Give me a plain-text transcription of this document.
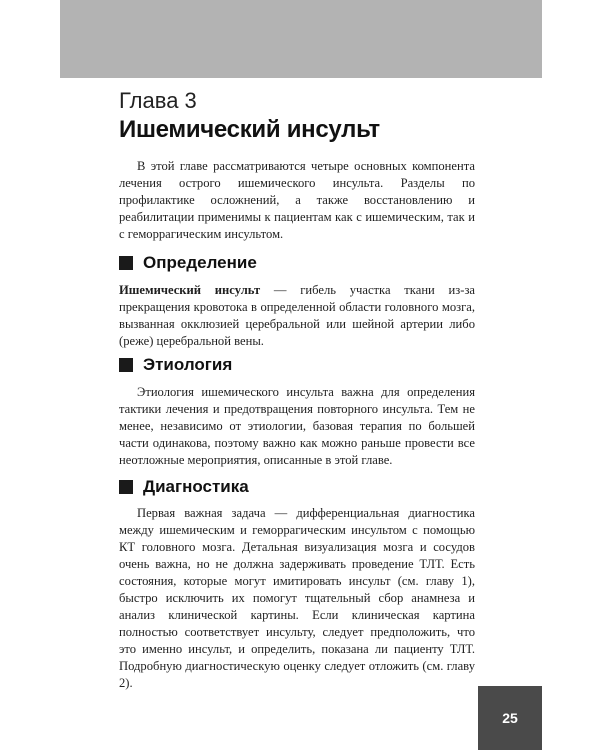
Глава 3
Ишемический инсульт

В этой главе рассматриваются четыре основных компонента лечения острого ишемического инсульта. Разделы по профилактике осложнений, а также восстановлению и реабилитации применимы к пациентам как с ишемическим, так и с геморрагическим инсультом.

Определение

Ишемический инсульт — гибель участка ткани из-за прекращения кровотока в определенной области головного мозга, вызванная окклюзией церебральной или шейной артерии либо (реже) церебральной вены.

Этиология

Этиология ишемического инсульта важна для определения тактики лечения и предотвращения повторного инсульта. Тем не менее, независимо от этиологии, базовая терапия по большей части одинакова, поэтому важно как можно раньше провести все неотложные мероприятия, описанные в этой главе.

Диагностика

Первая важная задача — дифференциальная диагностика между ишемическим и геморрагическим инсультом с помощью КТ головного мозга. Детальная визуализация мозга и сосудов очень важна, но не должна задерживать проведение ТЛТ. Есть состояния, которые могут имитировать инсульт (см. главу 1), быстро исключить их помогут тщательный сбор анамнеза и анализ клинической картины. Если клиническая картина полностью соответствует инсульту, следует предположить, что это именно инсульт, и определить, показана ли пациенту ТЛТ. Подробную диагностическую оценку следует отложить (см. главу 2).

25
